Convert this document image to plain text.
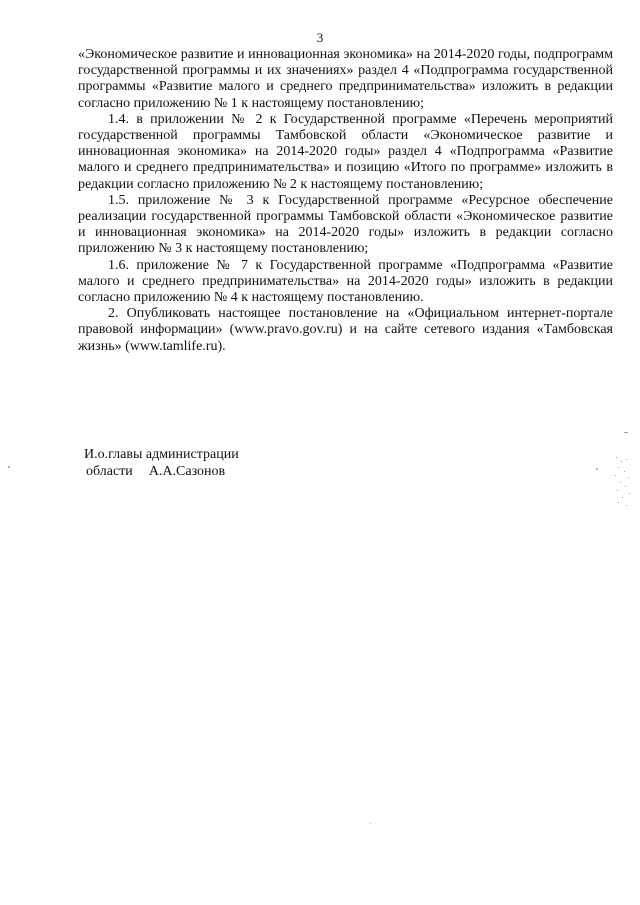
3

«Экономическое развитие и инновационная экономика» на 2014-2020 годы, подпрограмм государственной программы и их значениях» раздел 4 «Подпрограмма государственной программы «Развитие малого и среднего предпринимательства» изложить в редакции согласно приложению № 1 к настоящему постановлению;

1.4. в приложении № 2 к Государственной программе «Перечень мероприятий государственной программы Тамбовской области «Экономическое развитие и инновационная экономика» на 2014-2020 годы» раздел 4 «Подпрограмма «Развитие малого и среднего предпринимательства» и позицию «Итого по программе» изложить в редакции согласно приложению № 2 к настоящему постановлению;

1.5. приложение № 3 к Государственной программе «Ресурсное обеспечение реализации государственной программы Тамбовской области «Экономическое развитие и инновационная экономика» на 2014-2020 годы» изложить в редакции согласно приложению № 3 к настоящему постановлению;

1.6. приложение № 7 к Государственной программе «Подпрограмма «Развитие малого и среднего предпринимательства» на 2014-2020 годы» изложить в редакции согласно приложению № 4 к настоящему постановлению.

2. Опубликовать настоящее постановление на «Официальном интернет-портале правовой информации» (www.pravo.gov.ru) и на сайте сетевого издания «Тамбовская жизнь» (www.tamlife.ru).

И.о.главы администрации
области А.А.Сазонов
